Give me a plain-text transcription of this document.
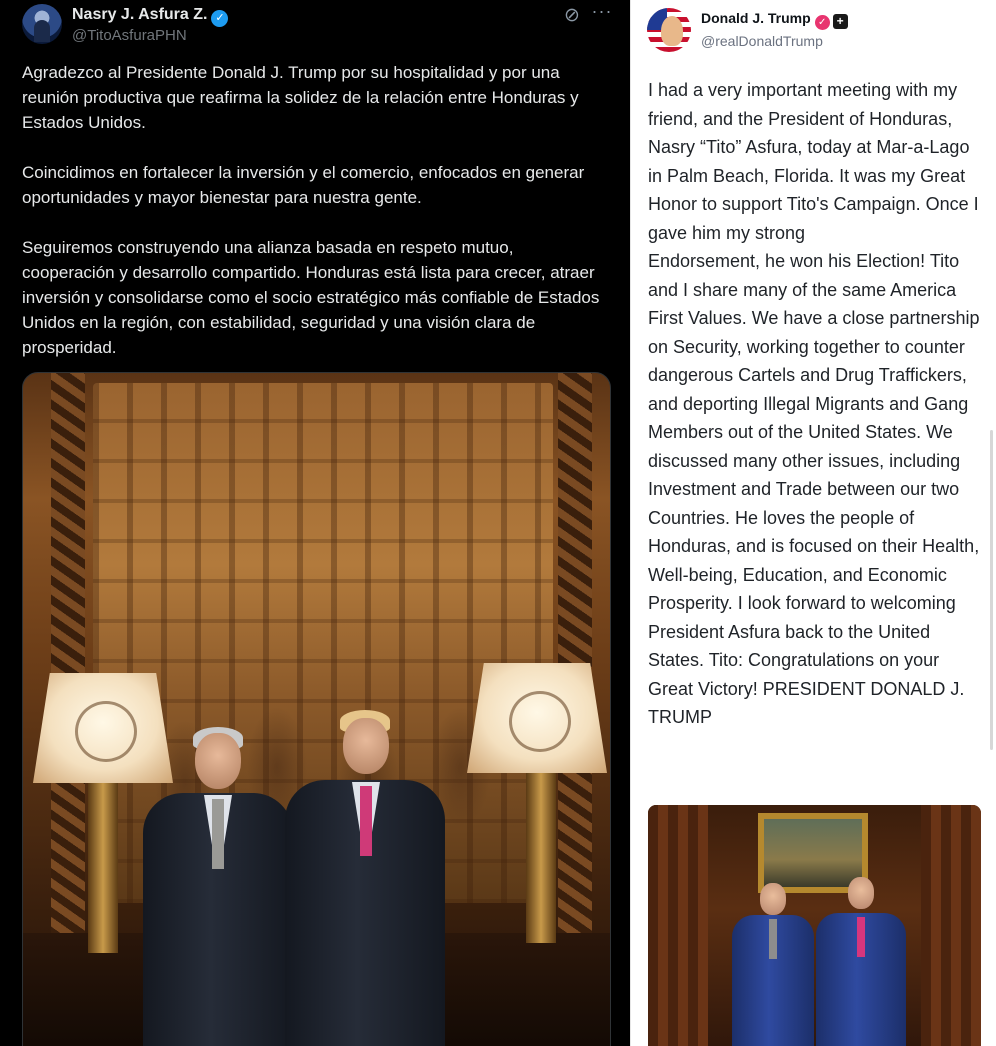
Nasry J. Asfura Z. ✓
@TitoAsfuraPHN
⊘ ···

Agradezco al Presidente Donald J. Trump por su hospitalidad y por una reunión productiva que reafirma la solidez de la relación entre Honduras y Estados Unidos.

Coincidimos en fortalecer la inversión y el comercio, enfocados en generar oportunidades y mayor bienestar para nuestra gente.

Seguiremos construyendo una alianza basada en respeto mutuo, cooperación y desarrollo compartido. Honduras está lista para crecer, atraer inversión y consolidarse como el socio estratégico más confiable de Estados Unidos en la región, con estabilidad, seguridad y una visión clara de prosperidad.

Donald J. Trump ✓ +
@realDonaldTrump
I had a very important meeting with my friend, and the President of Honduras, Nasry “Tito” Asfura, today at Mar-a-Lago in Palm Beach, Florida. It was my Great Honor to support Tito's Campaign. Once I gave him my strong
Endorsement, he won his Election! Tito and I share many of the same America First Values. We have a close partnership on Security, working together to counter dangerous Cartels and Drug Traffickers, and deporting Illegal Migrants and Gang Members out of the United States. We discussed many other issues, including Investment and Trade between our two Countries. He loves the people of Honduras, and is focused on their Health, Well-being, Education, and Economic Prosperity. I look forward to welcoming President Asfura back to the United States. Tito: Congratulations on your Great Victory! PRESIDENT DONALD J. TRUMP
